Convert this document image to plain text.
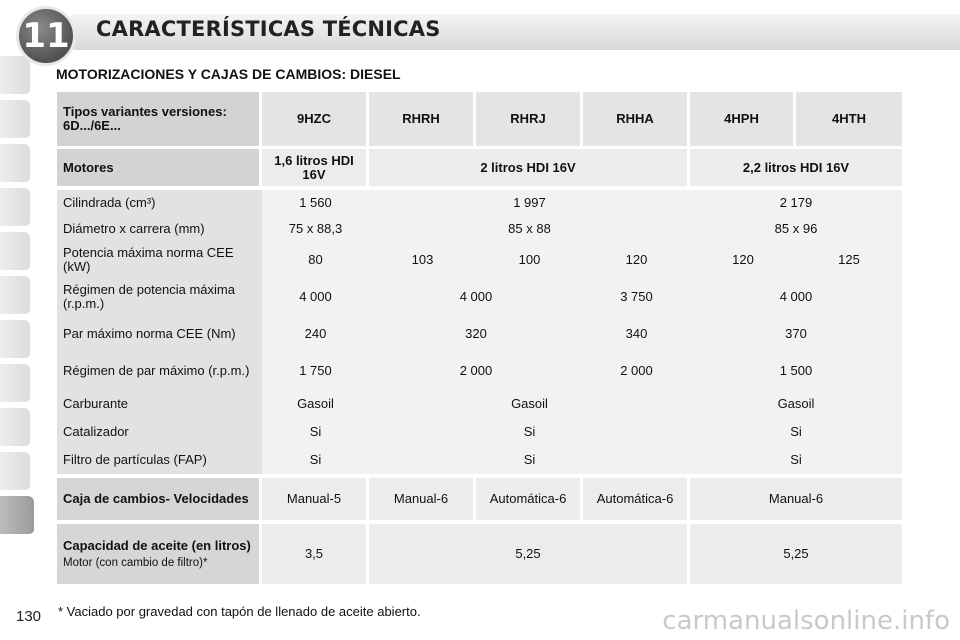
11	CARACTERÍSTICAS TÉCNICAS
MOTORIZACIONES Y CAJAS DE CAMBIOS: DIESEL
Tipos variantes versiones: 6D.../6E...	9HZC	RHRH	RHRJ	RHHA	4HPH	4HTH
Motores	1,6 litros HDI 16V	2 litros HDI 16V			2,2 litros HDI 16V	
Cilindrada (cm³)	1 560	1 997			2 179	
Diámetro x carrera (mm)	75 x 88,3	85 x 88			85 x 96	
Potencia máxima norma CEE (kW)	80	103	100	120	120	125
Régimen de potencia máxima (r.p.m.)	4 000	4 000		3 750	4 000	
Par máximo norma CEE (Nm)	240	320		340	370	
Régimen de par máximo (r.p.m.)	1 750	2 000		2 000	1 500	
Carburante	Gasoil	Gasoil			Gasoil	
Catalizador	Si	Si			Si	
Filtro de partículas (FAP)	Si	Si			Si	
Caja de cambios- Velocidades	Manual-5	Manual-6	Automática-6	Automática-6	Manual-6	

Capacidad de aceite (en litros)
Motor (con cambio de filtro)*	3,5	5,25			5,25	
130 * Vaciado por gravedad con tapón de llenado de aceite abierto.	carmanualsonline.info
